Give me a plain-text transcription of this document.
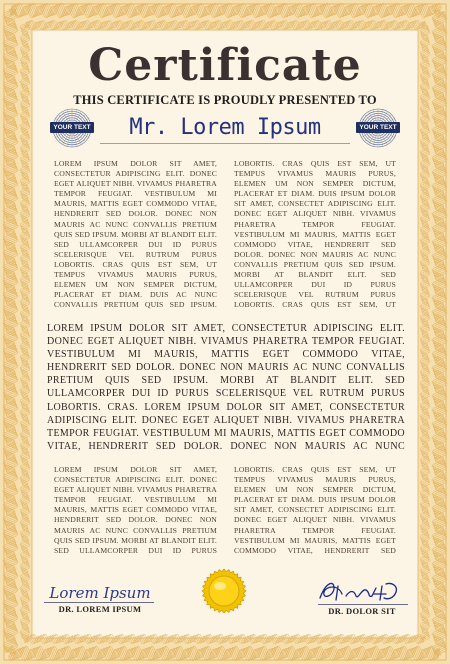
Certificate
THIS CERTIFICATE IS PROUDLY PRESENTED TO
YOUR TEXT	YOUR TEXT
Mr. Lorem Ipsum
LOREM IPSUM DOLOR SIT AMET, CONSECTETUR ADIPISCING ELIT. DONEC EGET ALIQUET NIBH. VIVAMUS PHARETRA TEMPOR FEUGIAT. VESTIBULUM MI MAURIS, MATTIS EGET COMMODO VITAE, HENDRERIT SED DOLOR. DONEC NON MAURIS AC NUNC CONVALLIS PRETIUM QUIS SED IPSUM. MORBI AT BLANDIT ELIT. SED ULLAMCORPER DUI ID PURUS SCELERISQUE VEL RUTRUM PURUS LOBORTIS. CRAS QUIS EST SEM, UT TEMPUS VIVAMUS MAURIS PURUS, ELEMEN UM NON SEMPER DICTUM, PLACERAT ET DIAM. DUIS AC NUNC CONVALLIS PRETIUM QUIS SED IPSUM.
LOBORTIS. CRAS QUIS EST SEM, UT TEMPUS VIVAMUS MAURIS PURUS, ELEMEN UM NON SEMPER DICTUM, PLACERAT ET DIAM. DUIS IPSUM DOLOR SIT AMET, CONSECTET ADIPISCING ELIT. DONEC EGET ALIQUET NIBH. VIVAMUS PHARETRA TEMPOR FEUGIAT. VESTIBULUM MI MAURIS, MATTIS EGET COMMODO VITAE, HENDRERIT SED DOLOR. DONEC NON MAURIS AC NUNC CONVALLIS PRETIUM QUIS SED IPSUM. MORBI AT BLANDIT ELIT. SED ULLAMCORPER DUI ID PURUS SCELERISQUE VEL RUTRUM PURUS LOBORTIS. CRAS QUIS EST SEM, UT
LOREM IPSUM DOLOR SIT AMET, CONSECTETUR ADIPISCING ELIT. DONEC EGET ALIQUET NIBH. VIVAMUS PHARETRA TEMPOR FEUGIAT. VESTIBULUM MI MAURIS, MATTIS EGET COMMODO VITAE, HENDRERIT SED DOLOR. DONEC NON MAURIS AC NUNC CONVALLIS PRETIUM QUIS SED IPSUM. MORBI AT BLANDIT ELIT. SED ULLAMCORPER DUI ID PURUS SCELERISQUE VEL RUTRUM PURUS LOBORTIS. CRAS. LOREM IPSUM DOLOR SIT AMET, CONSECTETUR ADIPISCING ELIT. DONEC EGET ALIQUET NIBH. VIVAMUS PHARETRA TEMPOR FEUGIAT. VESTIBULUM MI MAURIS, MATTIS EGET COMMODO VITAE, HENDRERIT SED DOLOR. DONEC NON MAURIS AC NUNC
LOREM IPSUM DOLOR SIT AMET, CONSECTETUR ADIPISCING ELIT. DONEC EGET ALIQUET NIBH. VIVAMUS PHARETRA TEMPOR FEUGIAT. VESTIBULUM MI MAURIS, MATTIS EGET COMMODO VITAE, HENDRERIT SED DOLOR. DONEC NON MAURIS AC NUNC CONVALLIS PRETIUM QUIS SED IPSUM. MORBI AT BLANDIT ELIT. SED ULLAMCORPER DUI ID PURUS
LOBORTIS. CRAS QUIS EST SEM, UT TEMPUS VIVAMUS MAURIS PURUS, ELEMEN UM NON SEMPER DICTUM, PLACERAT ET DIAM. DUIS IPSUM DOLOR SIT AMET, CONSECTET ADIPISCING ELIT. DONEC EGET ALIQUET NIBH. VIVAMUS PHARETRA TEMPOR FEUGIAT. VESTIBULUM MI MAURIS, MATTIS EGET COMMODO VITAE, HENDRERIT SED
Lorem Ipsum
DR. LOREM IPSUM	DR. DOLOR SIT
